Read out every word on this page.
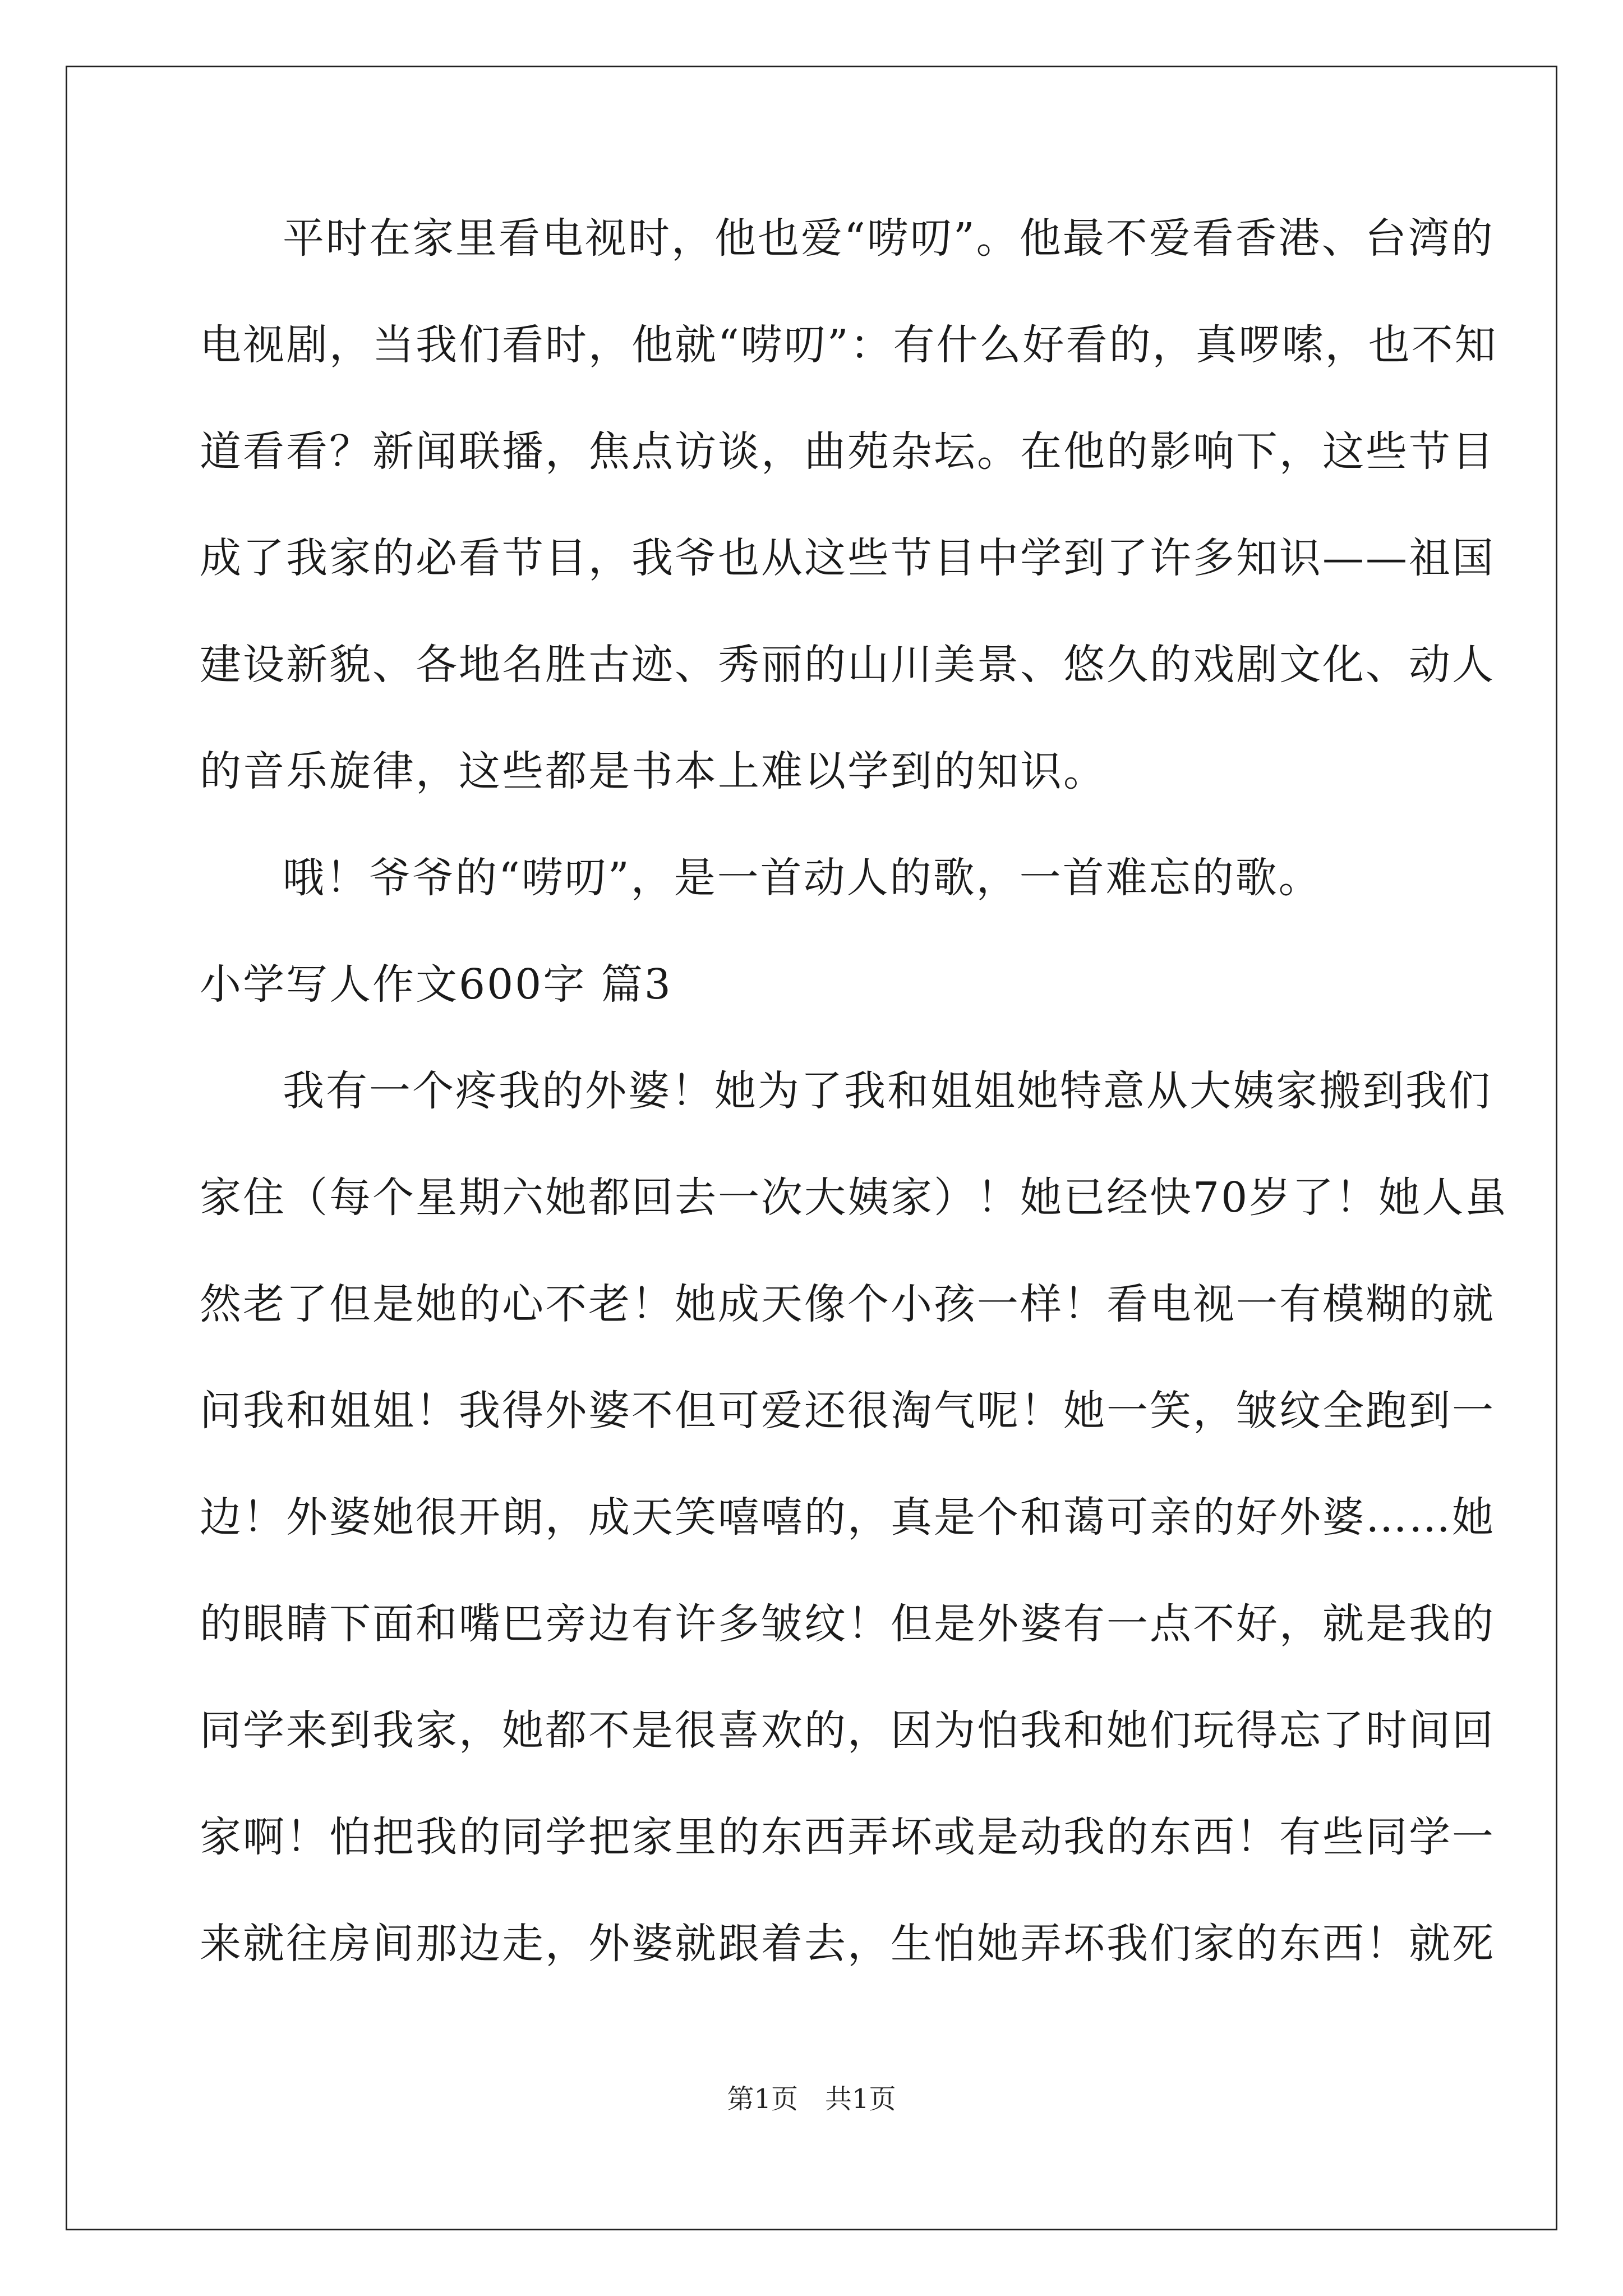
平时在家里看电视时，他也爱“唠叨”。他最不爱看香港、台湾的
电视剧，当我们看时，他就“唠叨”：有什么好看的，真啰嗦，也不知
道看看？新闻联播，焦点访谈，曲苑杂坛。在他的影响下，这些节目
成了我家的必看节目，我爷也从这些节目中学到了许多知识——祖国
建设新貌、各地名胜古迹、秀丽的山川美景、悠久的戏剧文化、动人
的音乐旋律，这些都是书本上难以学到的知识。
哦！爷爷的“唠叨”，是一首动人的歌，一首难忘的歌。
小学写人作文600字 篇3
我有一个疼我的外婆！她为了我和姐姐她特意从大姨家搬到我们
家住（每个星期六她都回去一次大姨家）！她已经快70岁了！她人虽
然老了但是她的心不老！她成天像个小孩一样！看电视一有模糊的就
问我和姐姐！我得外婆不但可爱还很淘气呢！她一笑，皱纹全跑到一
边！外婆她很开朗，成天笑嘻嘻的，真是个和蔼可亲的好外婆……她
的眼睛下面和嘴巴旁边有许多皱纹！但是外婆有一点不好，就是我的
同学来到我家，她都不是很喜欢的，因为怕我和她们玩得忘了时间回
家啊！怕把我的同学把家里的东西弄坏或是动我的东西！有些同学一
来就往房间那边走，外婆就跟着去，生怕她弄坏我们家的东西！就死
第1页　共1页
